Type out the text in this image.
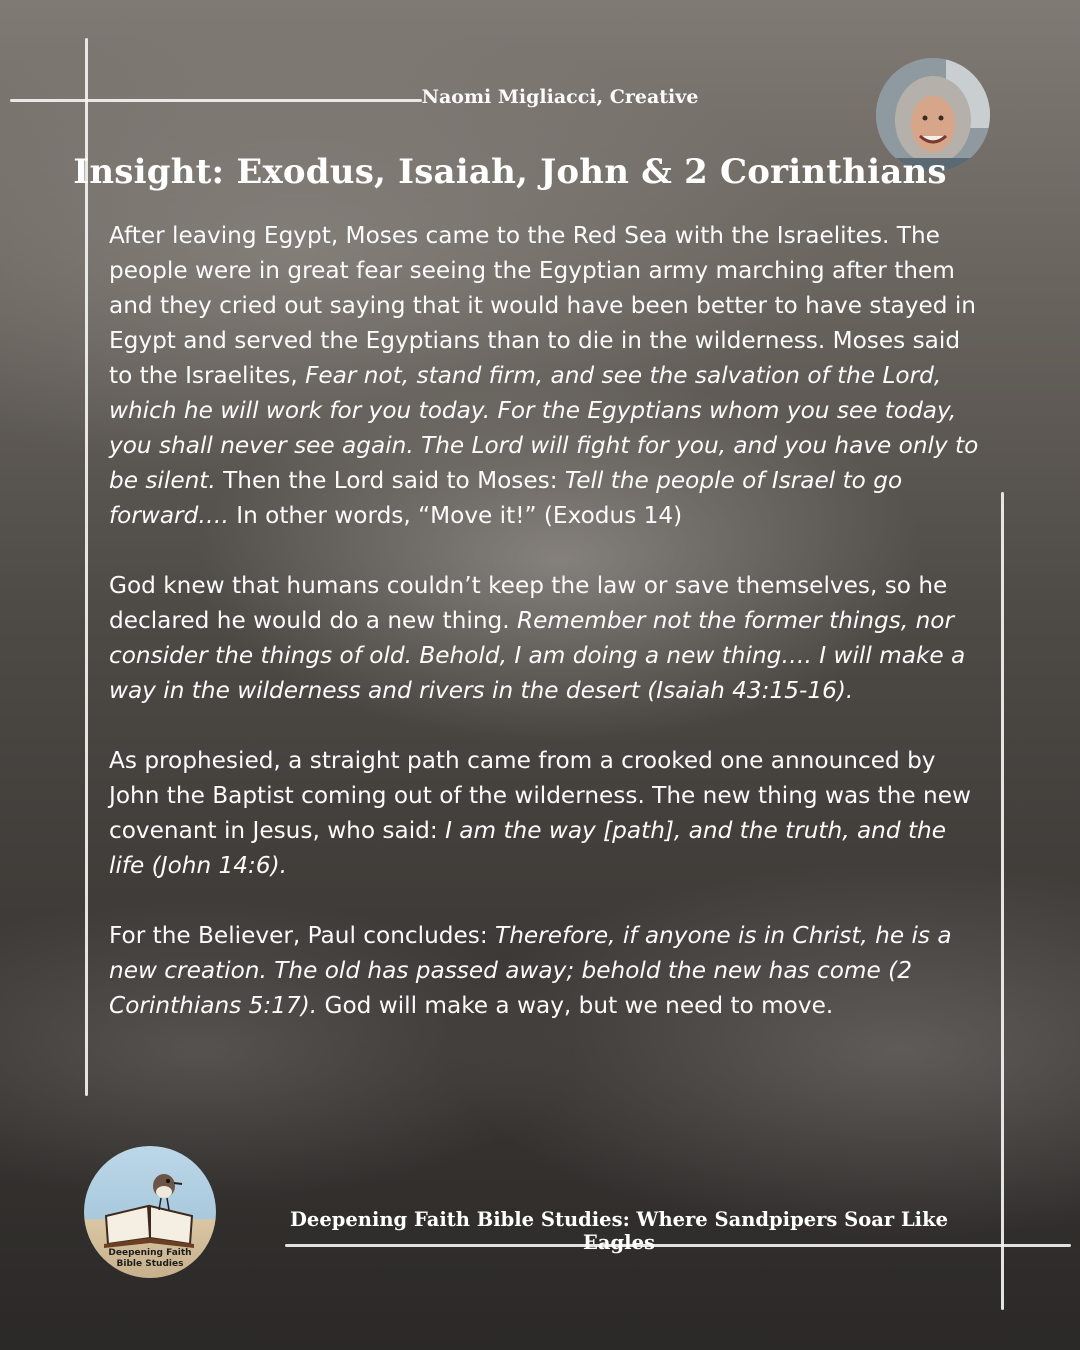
Naomi Migliacci, Creative
Insight: Exodus, Isaiah, John & 2 Corinthians

After leaving Egypt, Moses came to the Red Sea with the Israelites. The people were in great fear seeing the Egyptian army marching after them and they cried out saying that it would have been better to have stayed in Egypt and served the Egyptians than to die in the wilderness. Moses said to the Israelites, Fear not, stand firm, and see the salvation of the Lord, which he will work for you today. For the Egyptians whom you see today, you shall never see again. The Lord will fight for you, and you have only to be silent. Then the Lord said to Moses: Tell the people of Israel to go forward…. In other words, “Move it!” (Exodus 14)

God knew that humans couldn’t keep the law or save themselves, so he declared he would do a new thing. Remember not the former things, nor consider the things of old. Behold, I am doing a new thing…. I will make a way in the wilderness and rivers in the desert (Isaiah 43:15-16).

As prophesied, a straight path came from a crooked one announced by John the Baptist coming out of the wilderness. The new thing was the new covenant in Jesus, who said: I am the way [path], and the truth, and the life (John 14:6).

For the Believer, Paul concludes: Therefore, if anyone is in Christ, he is a new creation. The old has passed away; behold the new has come (2 Corinthians 5:17). God will make a way, but we need to move.

Deepening Faith
Bible Studies
Deepening Faith Bible Studies: Where Sandpipers Soar Like Eagles
